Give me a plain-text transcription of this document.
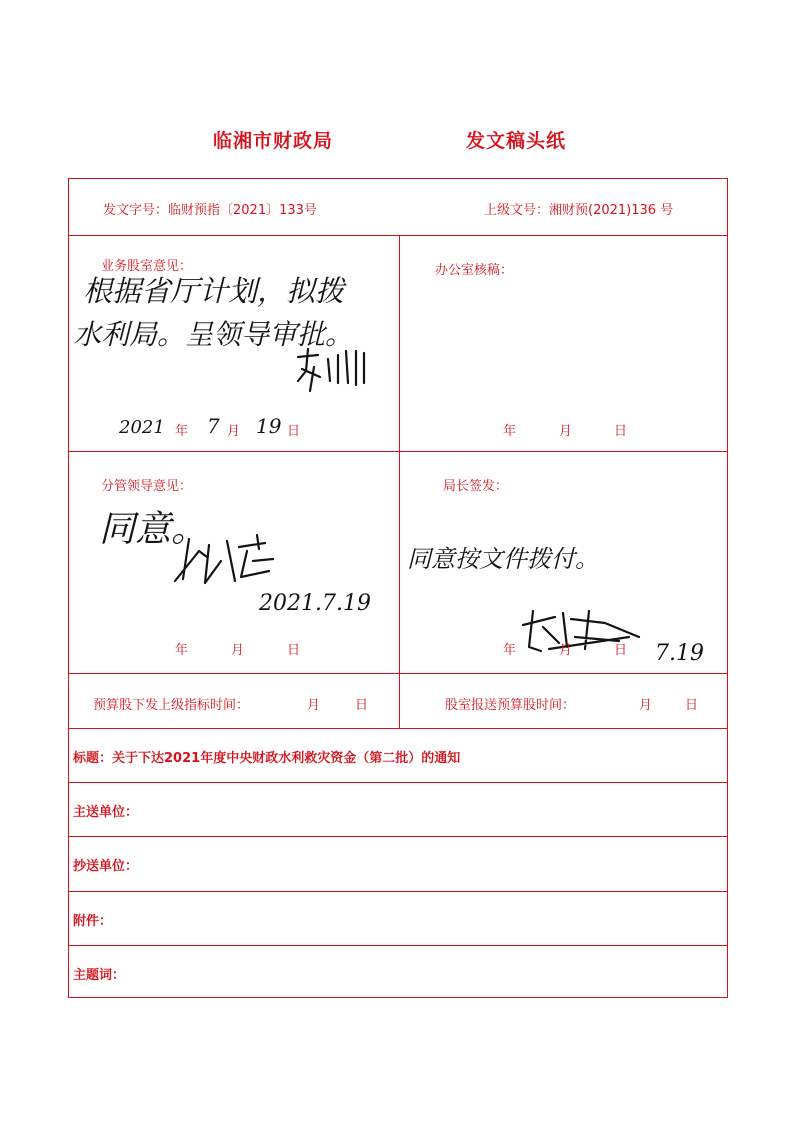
临湘市财政局	发文稿头纸
发文字号：临财预指〔2021〕133号	上级文号：湘财预(2021)136 号
业务股室意见：
根据省厅计划，拟拨
水利局。呈领导审批。
2021 年 7 月 19 日
办公室核稿：
年	月	日
分管领导意见：
同意。
2021.7.19
年	月	日
局长签发：
同意按文件拨付。
7.19
年	月	日
预算股下发上级指标时间：	月	日	股室报送预算股时间：	月	日
标题：关于下达2021年度中央财政水利救灾资金（第二批）的通知
主送单位：
抄送单位：
附件：
主题词：
